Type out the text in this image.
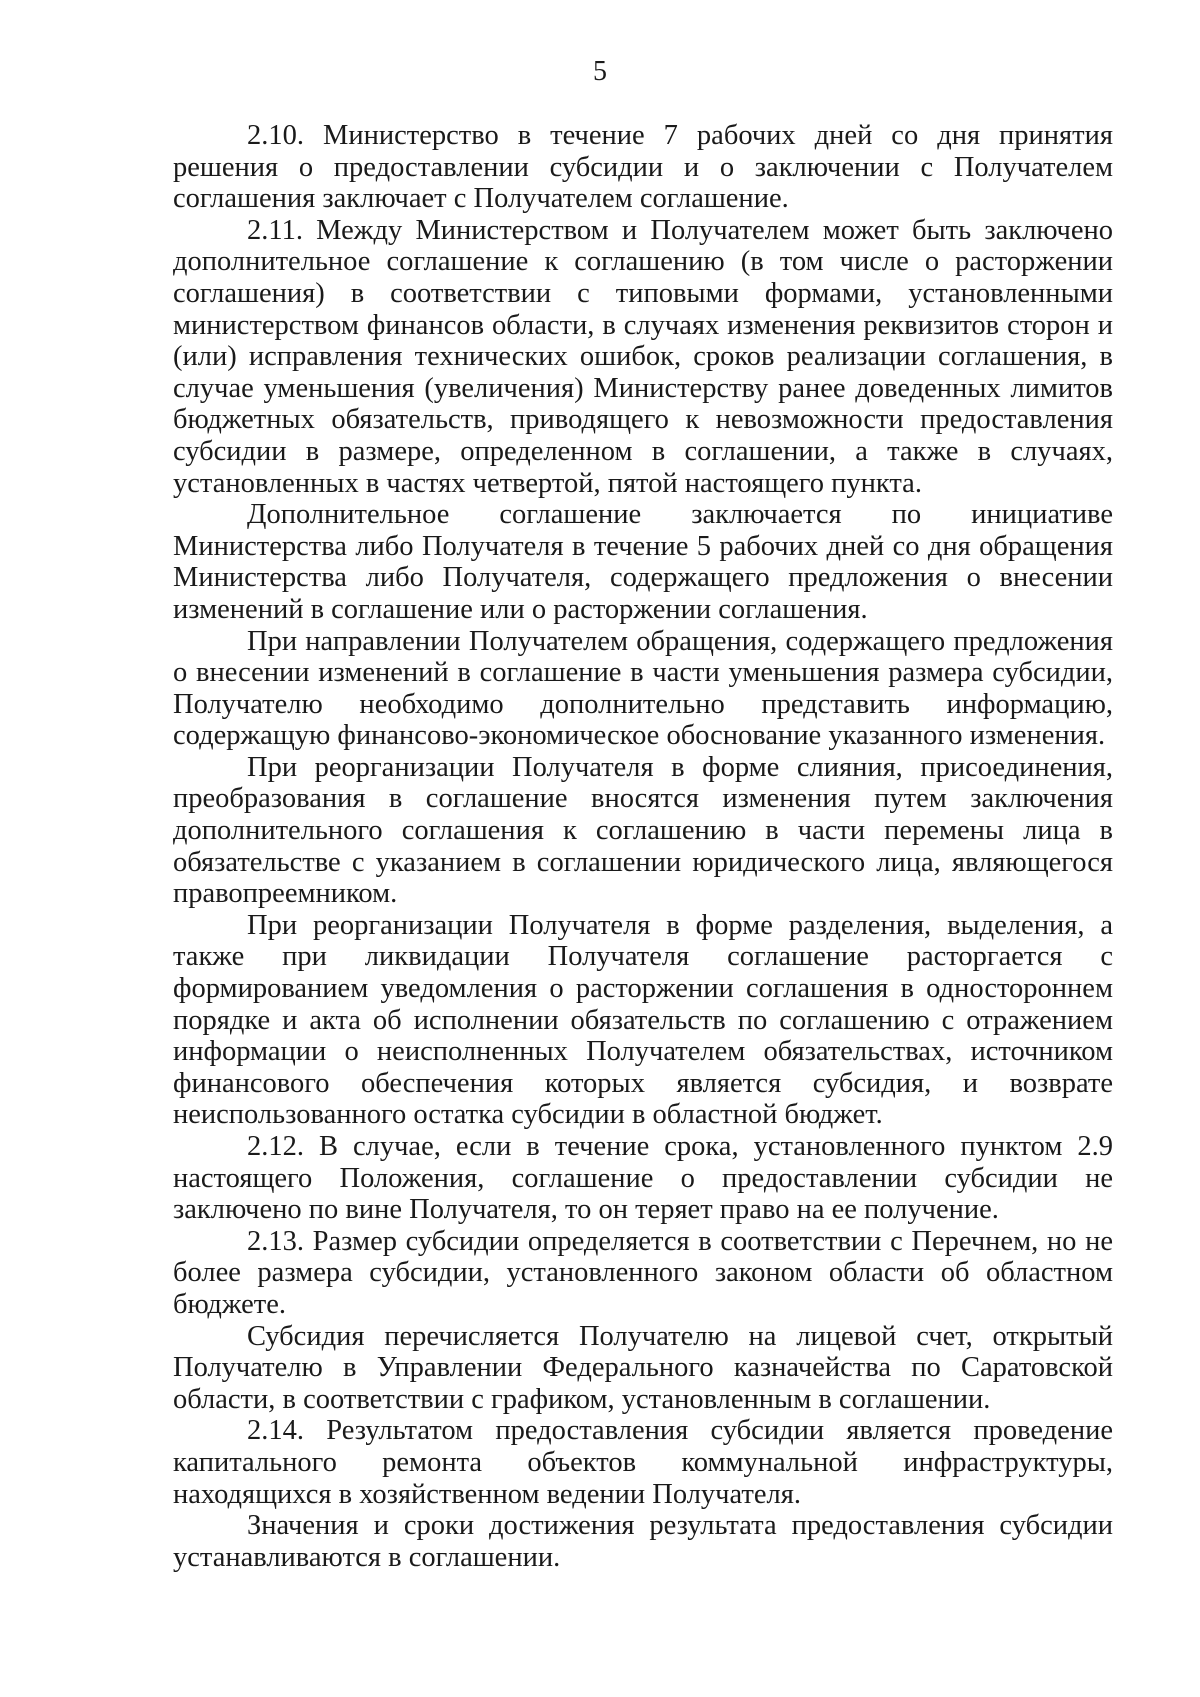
5

2.10. Министерство в течение 7 рабочих дней со дня принятия решения о предоставлении субсидии и о заключении с Получателем соглашения заключает с Получателем соглашение.

2.11. Между Министерством и Получателем может быть заключено дополнительное соглашение к соглашению (в том числе о расторжении соглашения) в соответствии с типовыми формами, установленными министерством финансов области, в случаях изменения реквизитов сторон и (или) исправления технических ошибок, сроков реализации соглашения, в случае уменьшения (увеличения) Министерству ранее доведенных лимитов бюджетных обязательств, приводящего к невозможности предоставления субсидии в размере, определенном в соглашении, а также в случаях, установленных в частях четвертой, пятой настоящего пункта.

Дополнительное соглашение заключается по инициативе Министерства либо Получателя в течение 5 рабочих дней со дня обращения Министерства либо Получателя, содержащего предложения о внесении изменений в соглашение или о расторжении соглашения.

При направлении Получателем обращения, содержащего предложения о внесении изменений в соглашение в части уменьшения размера субсидии, Получателю необходимо дополнительно представить информацию, содержащую финансово-экономическое обоснование указанного изменения.

При реорганизации Получателя в форме слияния, присоединения, преобразования в соглашение вносятся изменения путем заключения дополнительного соглашения к соглашению в части перемены лица в обязательстве с указанием в соглашении юридического лица, являющегося правопреемником.

При реорганизации Получателя в форме разделения, выделения, а также при ликвидации Получателя соглашение расторгается с формированием уведомления о расторжении соглашения в одностороннем порядке и акта об исполнении обязательств по соглашению с отражением информации о неисполненных Получателем обязательствах, источником финансового обеспечения которых является субсидия, и возврате неиспользованного остатка субсидии в областной бюджет.

2.12. В случае, если в течение срока, установленного пунктом 2.9 настоящего Положения, соглашение о предоставлении субсидии не заключено по вине Получателя, то он теряет право на ее получение.

2.13. Размер субсидии определяется в соответствии с Перечнем, но не более размера субсидии, установленного законом области об областном бюджете.

Субсидия перечисляется Получателю на лицевой счет, открытый Получателю в Управлении Федерального казначейства по Саратовской области, в соответствии с графиком, установленным в соглашении.

2.14. Результатом предоставления субсидии является проведение капитального ремонта объектов коммунальной инфраструктуры, находящихся в хозяйственном ведении Получателя.

Значения и сроки достижения результата предоставления субсидии устанавливаются в соглашении.
